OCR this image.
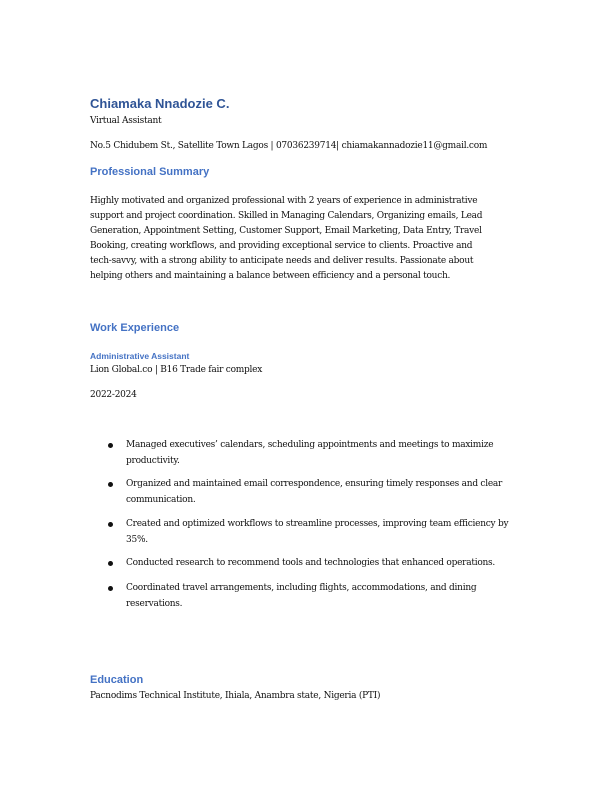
Chiamaka Nnadozie C.
Virtual Assistant
No.5 Chidubem St., Satellite Town Lagos | 07036239714| chiamakannadozie11@gmail.com
Professional Summary
Highly motivated and organized professional with 2 years of experience in administrative
support and project coordination. Skilled in Managing Calendars, Organizing emails, Lead
Generation, Appointment Setting, Customer Support, Email Marketing, Data Entry, Travel
Booking, creating workflows, and providing exceptional service to clients. Proactive and
tech-savvy, with a strong ability to anticipate needs and deliver results. Passionate about
helping others and maintaining a balance between efficiency and a personal touch.
Work Experience
Administrative Assistant
Lion Global.co | B16 Trade fair complex
2022-2024
Managed executives’ calendars, scheduling appointments and meetings to maximize productivity.
Organized and maintained email correspondence, ensuring timely responses and clear communication.
Created and optimized workflows to streamline processes, improving team efficiency by 35%.
Conducted research to recommend tools and technologies that enhanced operations.
Coordinated travel arrangements, including flights, accommodations, and dining reservations.
Education
Pacnodims Technical Institute, Ihiala, Anambra state, Nigeria (PTI)
